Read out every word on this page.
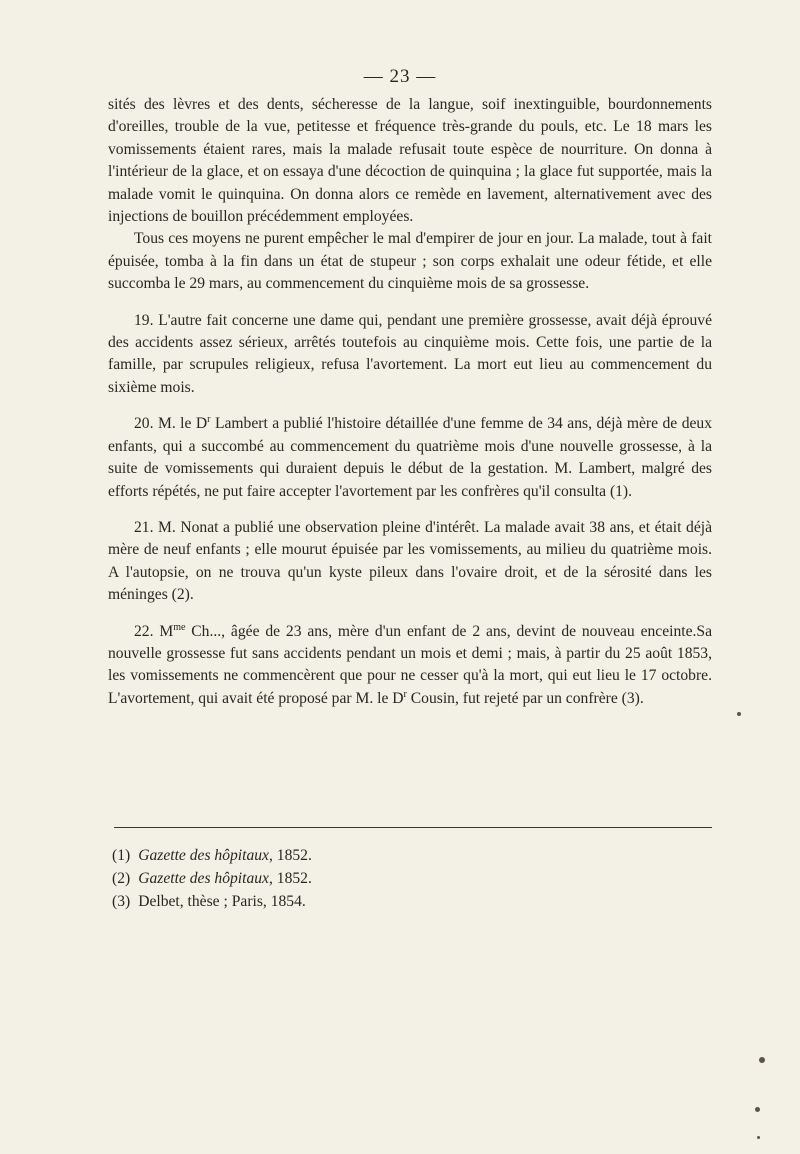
— 23 —

sités des lèvres et des dents, sécheresse de la langue, soif inextinguible, bourdonnements d'oreilles, trouble de la vue, petitesse et fréquence très-grande du pouls, etc. Le 18 mars les vomissements étaient rares, mais la malade refusait toute espèce de nourriture. On donna à l'intérieur de la glace, et on essaya d'une décoction de quinquina ; la glace fut supportée, mais la malade vomit le quinquina. On donna alors ce remède en lavement, alternativement avec des injections de bouillon précédemment employées.

Tous ces moyens ne purent empêcher le mal d'empirer de jour en jour. La malade, tout à fait épuisée, tomba à la fin dans un état de stupeur ; son corps exhalait une odeur fétide, et elle succomba le 29 mars, au commencement du cinquième mois de sa grossesse.

19. L'autre fait concerne une dame qui, pendant une première grossesse, avait déjà éprouvé des accidents assez sérieux, arrêtés toutefois au cinquième mois. Cette fois, une partie de la famille, par scrupules religieux, refusa l'avortement. La mort eut lieu au commencement du sixième mois.

20. M. le $D^r$ Lambert a publié l'histoire détaillée d'une femme de 34 ans, déjà mère de deux enfants, qui a succombé au commencement du quatrième mois d'une nouvelle grossesse, à la suite de vomissements qui duraient depuis le début de la gestation. M. Lambert, malgré des efforts répétés, ne put faire accepter l'avortement par les confrères qu'il consulta (1).

21. M. Nonat a publié une observation pleine d'intérêt. La malade avait 38 ans, et était déjà mère de neuf enfants ; elle mourut épuisée par les vomissements, au milieu du quatrième mois. A l'autopsie, on ne trouva qu'un kyste pileux dans l'ovaire droit, et de la sérosité dans les méninges (2).

22. $M^{me}$ Ch..., âgée de 23 ans, mère d'un enfant de 2 ans, devint de nouveau enceinte.Sa nouvelle grossesse fut sans accidents pendant un mois et demi ; mais, à partir du 25 août 1853, les vomissements ne commencèrent que pour ne cesser qu'à la mort, qui eut lieu le 17 octobre. L'avortement, qui avait été proposé par M. le $D^r$ Cousin, fut rejeté par un confrère (3).

(1) Gazette des hôpitaux, 1852.
(2) Gazette des hôpitaux, 1852.
(3) Delbet, thèse ; Paris, 1854.
